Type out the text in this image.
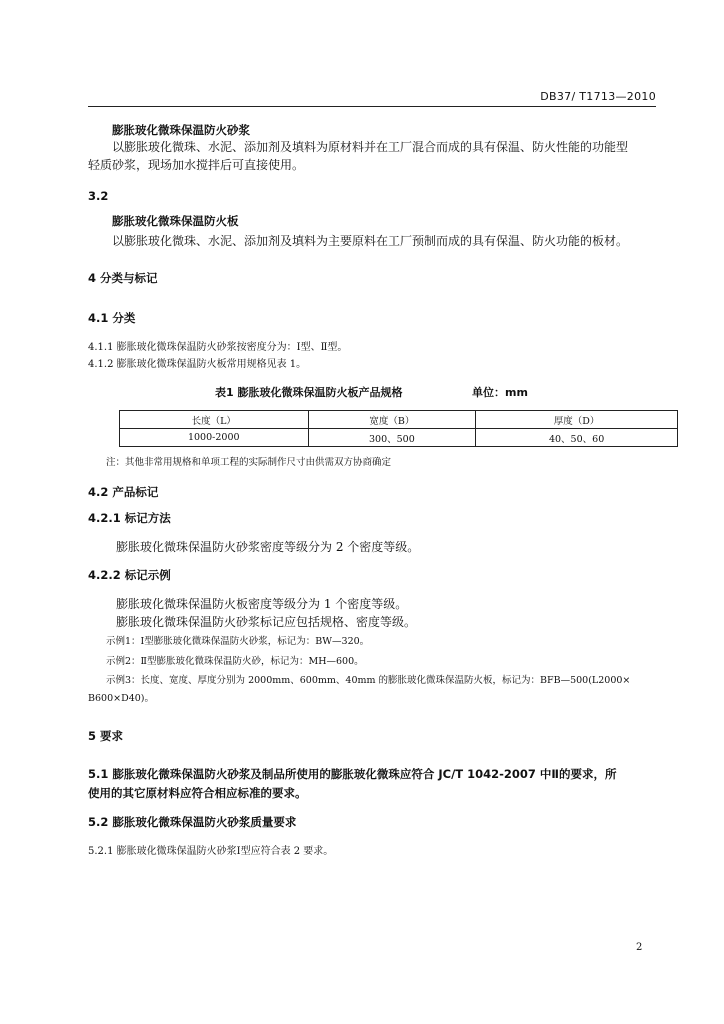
DB37/ T1713—2010
膨胀玻化微珠保温防火砂浆
以膨胀玻化微珠、水泥、添加剂及填料为原材料并在工厂混合而成的具有保温、防火性能的功能型
轻质砂浆，现场加水搅拌后可直接使用。
3.2
膨胀玻化微珠保温防火板
以膨胀玻化微珠、水泥、添加剂及填料为主要原料在工厂预制而成的具有保温、防火功能的板材。
4 分类与标记
4.1 分类
4.1.1 膨胀玻化微珠保温防火砂浆按密度分为：Ⅰ型、Ⅱ型。
4.1.2 膨胀玻化微珠保温防火板常用规格见表 1。
表1 膨胀玻化微珠保温防火板产品规格	单位：mm
长度（L）	宽度（B）	厚度（D）
1000-2000	300、500	40、50、60
注：其他非常用规格和单项工程的实际制作尺寸由供需双方协商确定
4.2 产品标记
4.2.1 标记方法
膨胀玻化微珠保温防火砂浆密度等级分为 2 个密度等级。
4.2.2 标记示例
膨胀玻化微珠保温防火板密度等级分为 1 个密度等级。
膨胀玻化微珠保温防火砂浆标记应包括规格、密度等级。
示例1：Ⅰ型膨胀玻化微珠保温防火砂浆，标记为：BW—320。
示例2：Ⅱ型膨胀玻化微珠保温防火砂，标记为：MH—600。
示例3：长度、宽度、厚度分别为 2000mm、600mm、40mm 的膨胀玻化微珠保温防火板，标记为：BFB—500(L2000×
B600×D40)。
5 要求
5.1 膨胀玻化微珠保温防火砂浆及制品所使用的膨胀玻化微珠应符合 JC/T 1042-2007 中Ⅱ的要求，所
使用的其它原材料应符合相应标准的要求。
5.2 膨胀玻化微珠保温防火砂浆质量要求
5.2.1 膨胀玻化微珠保温防火砂浆Ⅰ型应符合表 2 要求。
2
